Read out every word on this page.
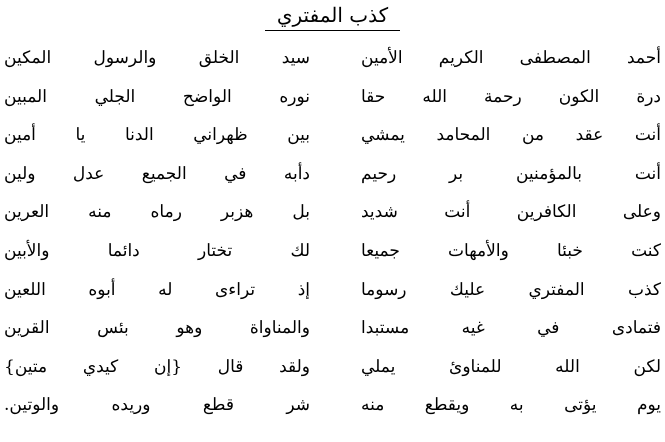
كذب المفتري
أحمد المصطفى الكريم الأمين
سيد الخلق والرسول المكين
درة الكون رحمة الله حقا
نوره الواضح الجلي المبين
أنت عقد من المحامد يمشي
بين ظهراني الدنا يا أمين
أنت بالمؤمنين بر رحيم
دأبه في الجميع عدل ولين
وعلى الكافرين أنت شديد
بل هزبر رماه منه العرين
كنت خبئا والأمهات جميعا
لك تختار دائما والأبين
كذب المفتري عليك رسوما
إذ تراءى له أبوه اللعين
فتمادى في غيه مستبدا
والمناواة وهو بئس القرين
لكن الله للمناوئ يملي
ولقد قال {إن كيدي متين}
يوم يؤتى به ويقطع منه
شر قطع وريده والوتين.
